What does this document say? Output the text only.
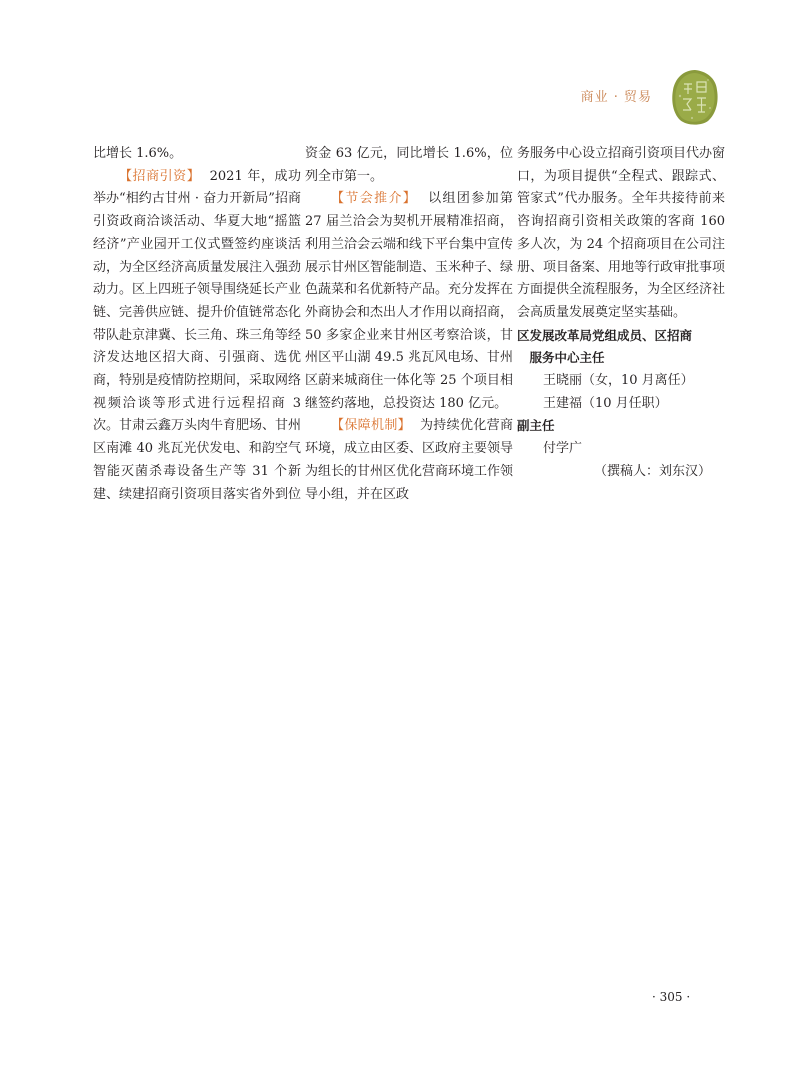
商业 · 贸易

比增长 1.6%。

【招商引资】 2021 年，成功举办“相约古甘州 · 奋力开新局”招商引资政商洽谈活动、华夏大地“摇篮经济”产业园开工仪式暨签约座谈活动，为全区经济高质量发展注入强劲动力。区上四班子领导围绕延长产业链、完善供应链、提升价值链常态化带队赴京津冀、长三角、珠三角等经济发达地区招大商、引强商、选优商，特别是疫情防控期间，采取网络视频洽谈等形式进行远程招商 3 次。甘肃云鑫万头肉牛育肥场、甘州区南滩 40 兆瓦光伏发电、和韵空气智能灭菌杀毒设备生产等 31 个新建、续建招商引资项目落实省外到位

资金 63 亿元，同比增长 1.6%，位列全市第一。

【节会推介】 以组团参加第 27 届兰洽会为契机开展精准招商，利用兰洽会云端和线下平台集中宣传展示甘州区智能制造、玉米种子、绿色蔬菜和名优新特产品。充分发挥在外商协会和杰出人才作用以商招商，50 多家企业来甘州区考察洽谈，甘州区平山湖 49.5 兆瓦风电场、甘州区蔚来城商住一体化等 25 个项目相继签约落地，总投资达 180 亿元。

【保障机制】 为持续优化营商环境，成立由区委、区政府主要领导为组长的甘州区优化营商环境工作领导小组，并在区政

务服务中心设立招商引资项目代办窗口，为项目提供“全程式、跟踪式、管家式”代办服务。全年共接待前来咨询招商引资相关政策的客商 160 多人次，为 24 个招商项目在公司注册、项目备案、用地等行政审批事项方面提供全流程服务，为全区经济社会高质量发展奠定坚实基础。

区发展改革局党组成员、区招商

服务中心主任

王晓丽（女，10 月离任）

王建福（10 月任职）

副主任

付学广

（撰稿人：刘东汉）

· 305 ·
